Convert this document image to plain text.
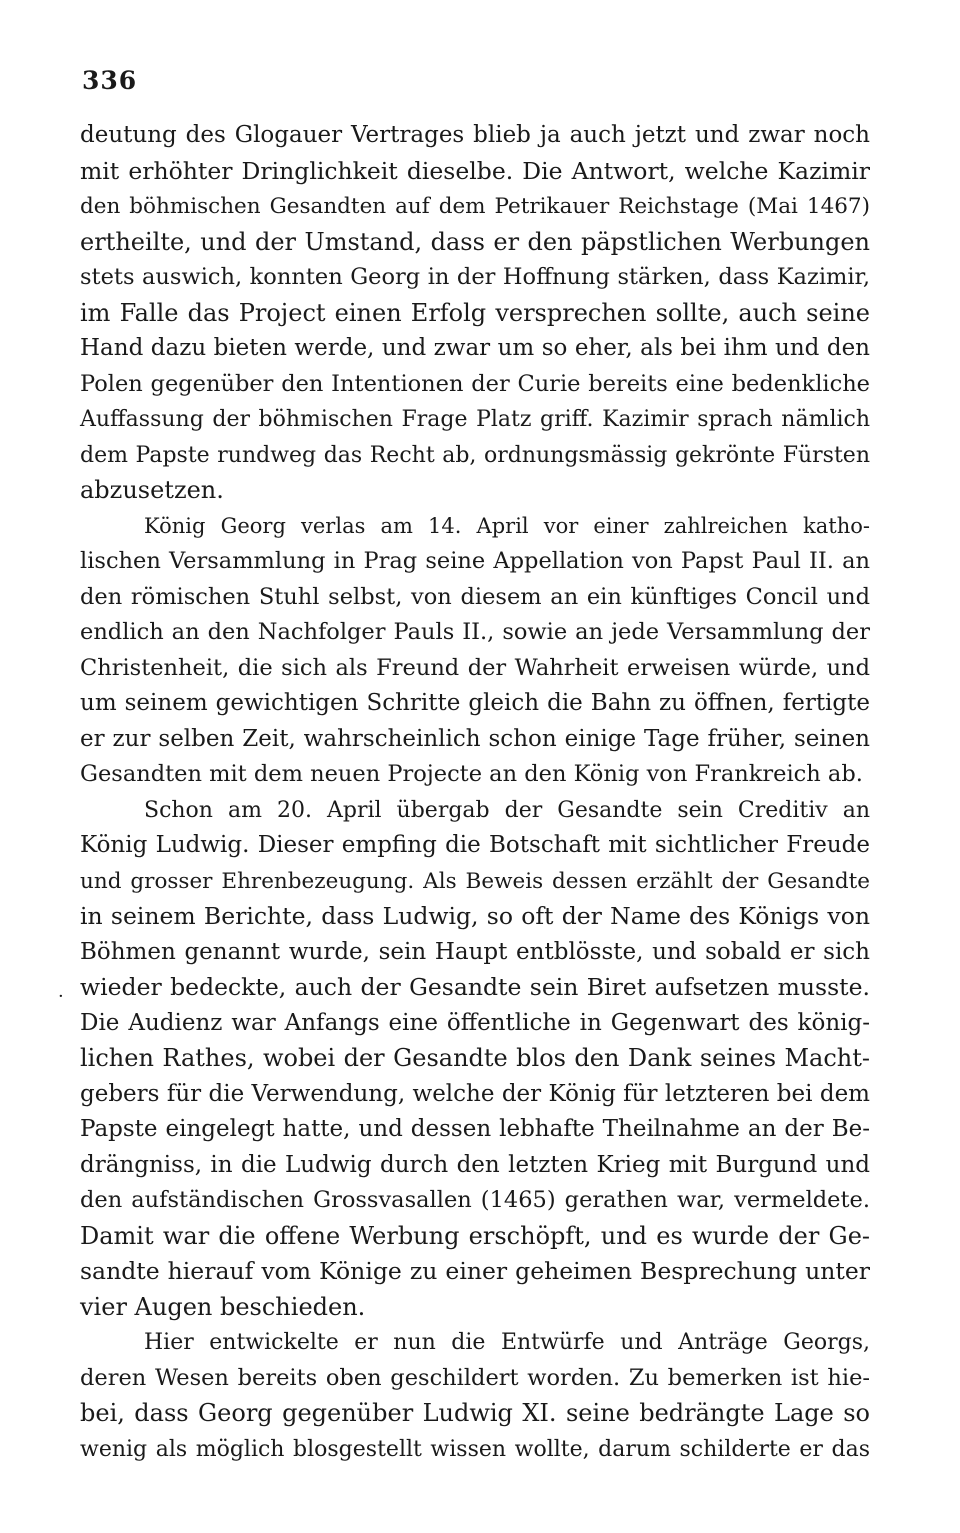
336
·
deutung des Glogauer Vertrages blieb ja auch jetzt und zwar noch
mit erhöhter Dringlichkeit dieselbe. Die Antwort, welche Kazimir
den böhmischen Gesandten auf dem Petrikauer Reichstage (Mai 1467)
ertheilte, und der Umstand, dass er den päpstlichen Werbungen
stets auswich, konnten Georg in der Hoffnung stärken, dass Kazimir,
im Falle das Project einen Erfolg versprechen sollte, auch seine
Hand dazu bieten werde, und zwar um so eher, als bei ihm und den
Polen gegenüber den Intentionen der Curie bereits eine bedenkliche
Auffassung der böhmischen Frage Platz griff. Kazimir sprach nämlich
dem Papste rundweg das Recht ab, ordnungsmässig gekrönte Fürsten
abzusetzen.
König Georg verlas am 14. April vor einer zahlreichen katho-
lischen Versammlung in Prag seine Appellation von Papst Paul II. an
den römischen Stuhl selbst, von diesem an ein künftiges Concil und
endlich an den Nachfolger Pauls II., sowie an jede Versammlung der
Christenheit, die sich als Freund der Wahrheit erweisen würde, und
um seinem gewichtigen Schritte gleich die Bahn zu öffnen, fertigte
er zur selben Zeit, wahrscheinlich schon einige Tage früher, seinen
Gesandten mit dem neuen Projecte an den König von Frankreich ab.
Schon am 20. April übergab der Gesandte sein Creditiv an
König Ludwig. Dieser empfing die Botschaft mit sichtlicher Freude
und grosser Ehrenbezeugung. Als Beweis dessen erzählt der Gesandte
in seinem Berichte, dass Ludwig, so oft der Name des Königs von
Böhmen genannt wurde, sein Haupt entblösste, und sobald er sich
wieder bedeckte, auch der Gesandte sein Biret aufsetzen musste.
Die Audienz war Anfangs eine öffentliche in Gegenwart des könig-
lichen Rathes, wobei der Gesandte blos den Dank seines Macht-
gebers für die Verwendung, welche der König für letzteren bei dem
Papste eingelegt hatte, und dessen lebhafte Theilnahme an der Be-
drängniss, in die Ludwig durch den letzten Krieg mit Burgund und
den aufständischen Grossvasallen (1465) gerathen war, vermeldete.
Damit war die offene Werbung erschöpft, und es wurde der Ge-
sandte hierauf vom Könige zu einer geheimen Besprechung unter
vier Augen beschieden.
Hier entwickelte er nun die Entwürfe und Anträge Georgs,
deren Wesen bereits oben geschildert worden. Zu bemerken ist hie-
bei, dass Georg gegenüber Ludwig XI. seine bedrängte Lage so
wenig als möglich blosgestellt wissen wollte, darum schilderte er das
